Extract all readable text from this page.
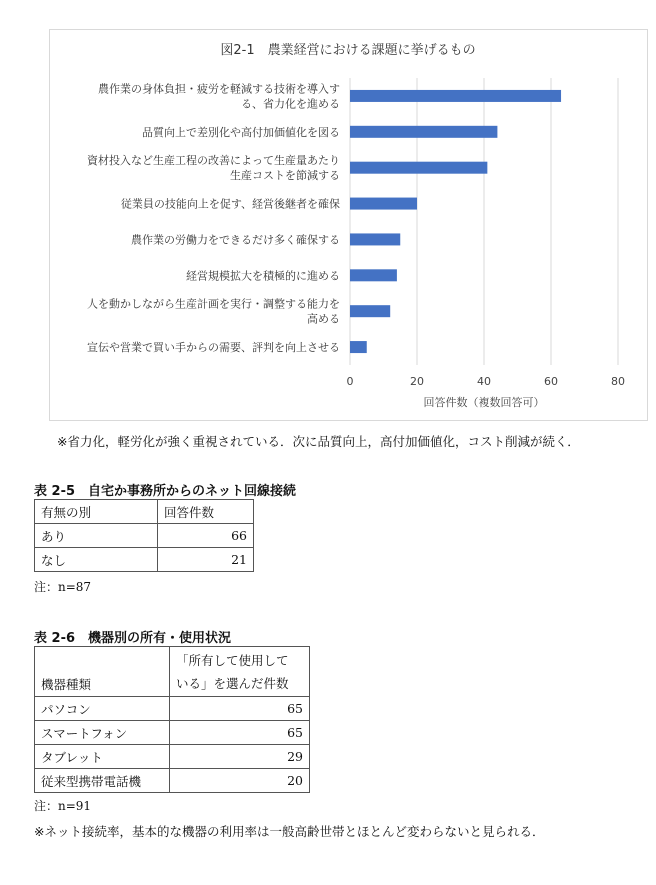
図2-1　農業経営における課題に挙げるもの
0	20	40	60	80
農作業の身体負担・疲労を軽減する技術を導入す
る、省力化を進める
品質向上で差別化や高付加価値化を図る
資材投入など生産工程の改善によって生産量あたり
生産コストを節減する
従業員の技能向上を促す、経営後継者を確保
農作業の労働力をできるだけ多く確保する
経営規模拡大を積極的に進める
人を動かしながら生産計画を実行・調整する能力を
高める
宣伝や営業で買い手からの需要、評判を向上させる
回答件数（複数回答可）
※省力化，軽労化が強く重視されている．次に品質向上，高付加価値化，コスト削減が続く．
表 2-5　自宅か事務所からのネット回線接続
有無の別	回答件数
あり	66
なし	21
注：n=87
表 2-6　機器別の所有・使用状況
機器種類	「所有して使用して
いる」を選んだ件数

パソコン	65
スマートフォン	65
タブレット	29
従来型携帯電話機	20
注：n=91
※ネット接続率，基本的な機器の利用率は一般高齢世帯とほとんど変わらないと見られる．
